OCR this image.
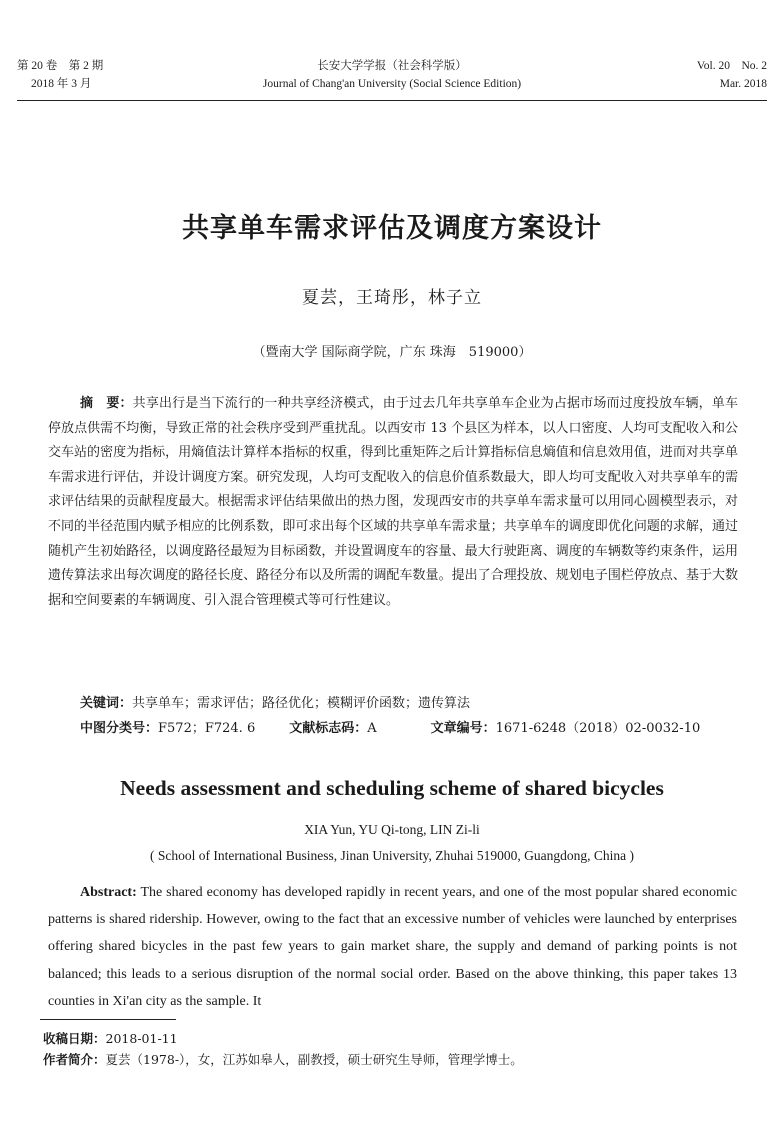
第 20 卷　第 2 期
2018 年 3 月
长安大学学报（社会科学版）
Journal of Chang'an University (Social Science Edition)
Vol. 20　No. 2
Mar. 2018
共享单车需求评估及调度方案设计
夏芸，王琦彤，林子立
（暨南大学 国际商学院，广东 珠海　519000）

摘　要：共享出行是当下流行的一种共享经济模式，由于过去几年共享单车企业为占据市场而过度投放车辆，单车停放点供需不均衡，导致正常的社会秩序受到严重扰乱。以西安市 13 个县区为样本，以人口密度、人均可支配收入和公交车站的密度为指标，用熵值法计算样本指标的权重，得到比重矩阵之后计算指标信息熵值和信息效用值，进而对共享单车需求进行评估，并设计调度方案。研究发现，人均可支配收入的信息价值系数最大，即人均可支配收入对共享单车的需求评估结果的贡献程度最大。根据需求评估结果做出的热力图，发现西安市的共享单车需求量可以用同心圆模型表示，对不同的半径范围内赋予相应的比例系数，即可求出每个区域的共享单车需求量；共享单车的调度即优化问题的求解，通过随机产生初始路径，以调度路径最短为目标函数，并设置调度车的容量、最大行驶距离、调度的车辆数等约束条件，运用遗传算法求出每次调度的路径长度、路径分布以及所需的调配车数量。提出了合理投放、规划电子围栏停放点、基于大数据和空间要素的车辆调度、引入混合管理模式等可行性建议。

关键词：共享单车；需求评估；路径优化；模糊评价函数；遗传算法
中图分类号：F572；F724. 6	文献标志码：A	文章编号：1671-6248（2018）02-0032-10
Needs assessment and scheduling scheme of shared bicycles
XIA Yun, YU Qi-tong, LIN Zi-li
( School of International Business, Jinan University, Zhuhai 519000, Guangdong, China )

Abstract: The shared economy has developed rapidly in recent years, and one of the most popular shared economic patterns is shared ridership. However, owing to the fact that an excessive number of vehicles were launched by enterprises offering shared bicycles in the past few years to gain market share, the supply and demand of parking points is not balanced; this leads to a serious disruption of the normal social order. Based on the above thinking, this paper takes 13 counties in Xi'an city as the sample. It

收稿日期：2018-01-11
作者简介：夏芸（1978-），女，江苏如皋人，副教授，硕士研究生导师，管理学博士。
